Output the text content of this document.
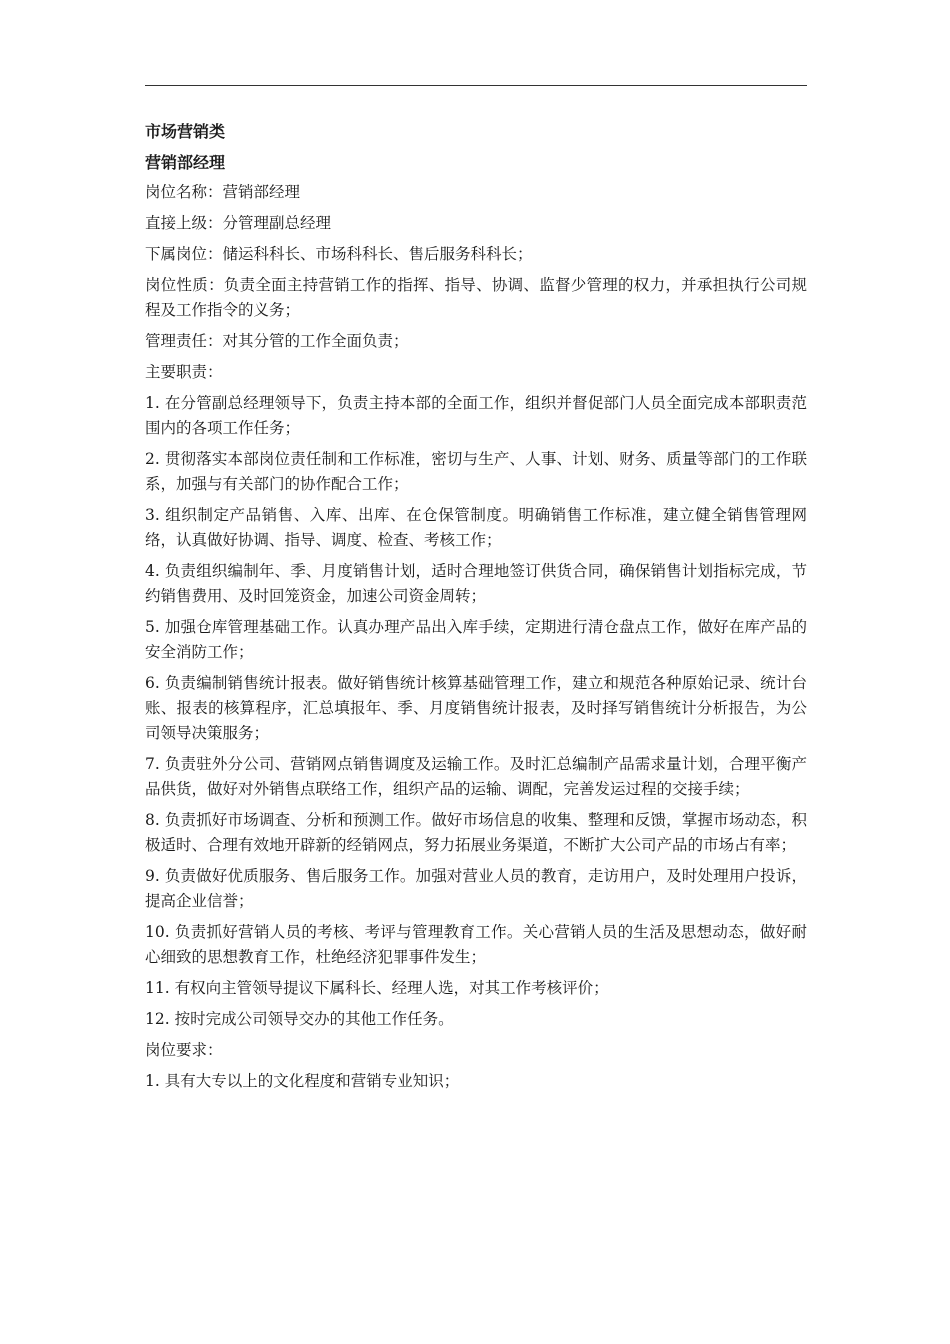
市场营销类
营销部经理
岗位名称：营销部经理
直接上级：分管理副总经理
下属岗位：储运科科长、市场科科长、售后服务科科长；
岗位性质：负责全面主持营销工作的指挥、指导、协调、监督少管理的权力，并承担执行公司规程及工作指令的义务；
管理责任：对其分管的工作全面负责；
主要职责：
1. 在分管副总经理领导下，负责主持本部的全面工作，组织并督促部门人员全面完成本部职责范围内的各项工作任务；
2. 贯彻落实本部岗位责任制和工作标准，密切与生产、人事、计划、财务、质量等部门的工作联系，加强与有关部门的协作配合工作；
3. 组织制定产品销售、入库、出库、在仓保管制度。明确销售工作标准，建立健全销售管理网络，认真做好协调、指导、调度、检查、考核工作；
4. 负责组织编制年、季、月度销售计划，适时合理地签订供货合同，确保销售计划指标完成，节约销售费用、及时回笼资金，加速公司资金周转；
5. 加强仓库管理基础工作。认真办理产品出入库手续，定期进行清仓盘点工作，做好在库产品的安全消防工作；
6. 负责编制销售统计报表。做好销售统计核算基础管理工作，建立和规范各种原始记录、统计台账、报表的核算程序，汇总填报年、季、月度销售统计报表，及时择写销售统计分析报告，为公司领导决策服务；
7. 负责驻外分公司、营销网点销售调度及运输工作。及时汇总编制产品需求量计划，合理平衡产品供货，做好对外销售点联络工作，组织产品的运输、调配，完善发运过程的交接手续；
8. 负责抓好市场调查、分析和预测工作。做好市场信息的收集、整理和反馈，掌握市场动态，积极适时、合理有效地开辟新的经销网点，努力拓展业务渠道，不断扩大公司产品的市场占有率；
9. 负责做好优质服务、售后服务工作。加强对营业人员的教育，走访用户，及时处理用户投诉，提高企业信誉；
10. 负责抓好营销人员的考核、考评与管理教育工作。关心营销人员的生活及思想动态，做好耐心细致的思想教育工作，杜绝经济犯罪事件发生；
11. 有权向主管领导提议下属科长、经理人选，对其工作考核评价；
12. 按时完成公司领导交办的其他工作任务。
岗位要求：
1. 具有大专以上的文化程度和营销专业知识；
